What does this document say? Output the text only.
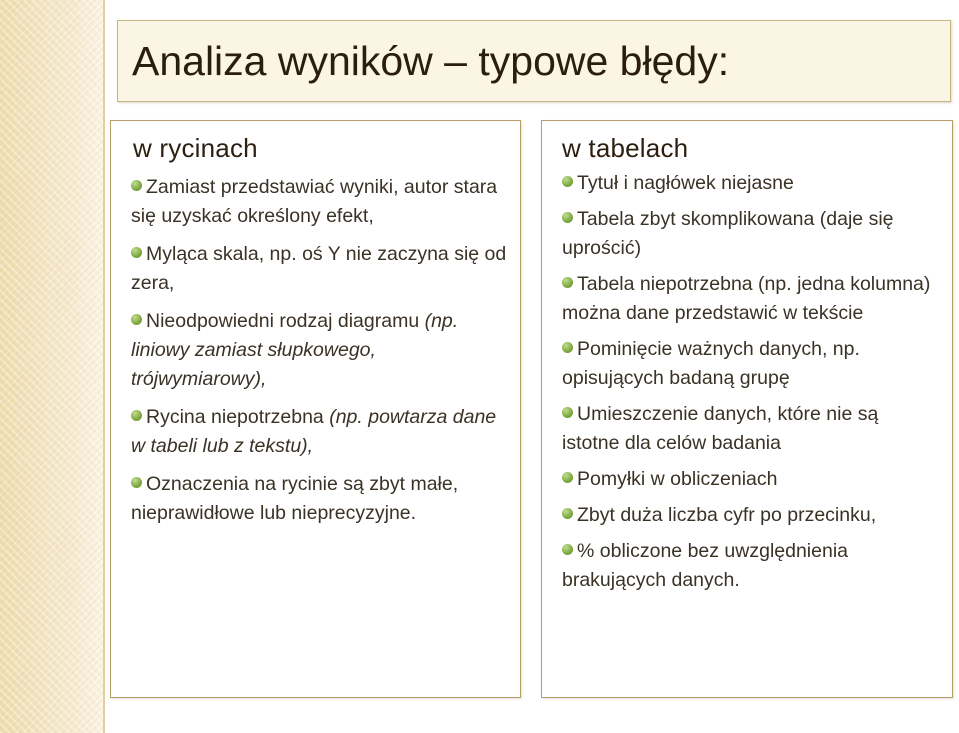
Analiza wyników – typowe błędy:
w rycinach
Zamiast przedstawiać wyniki, autor stara się uzyskać określony efekt,
Myląca skala, np. oś Y nie zaczyna się od zera,
Nieodpowiedni rodzaj diagramu (np. liniowy zamiast słupkowego, trójwymiarowy),
Rycina niepotrzebna (np. powtarza dane w tabeli lub z tekstu),
Oznaczenia na rycinie są zbyt małe, nieprawidłowe lub nieprecyzyjne.
w tabelach
Tytuł i nagłówek niejasne
Tabela zbyt skomplikowana (daje się uprościć)
Tabela niepotrzebna (np. jedna kolumna) można dane przedstawić w tekście
Pominięcie ważnych danych, np. opisujących badaną grupę
Umieszczenie danych, które nie są istotne dla celów badania
Pomyłki w obliczeniach
Zbyt duża liczba cyfr po przecinku,
% obliczone bez uwzględnienia brakujących danych.
